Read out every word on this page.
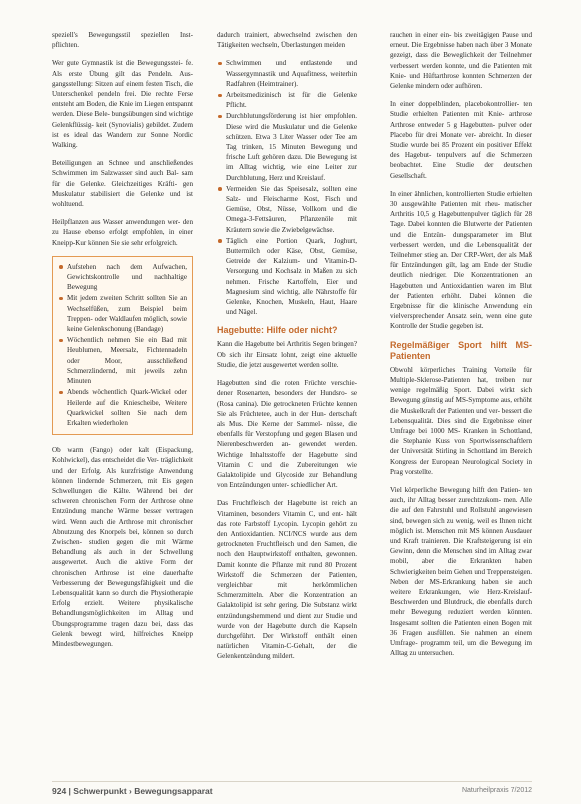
speziell's Bewegungsstil speziellen Inst- pflichten.

Wer gute Gymnastik ist die Bewegungsstei- fe. Als erste Übung gilt das Pendeln. Aus- gangsstellung: Sitzen auf einem festen Tisch, die Unterschenkel pendeln frei. Die rechte Ferse entsteht am Boden, die Knie im Liegen entspannt werden. Diese Bele- bungsübungen sind wichtige Gelenkflüssig- keit (Synovialis) gebildet. Zudem ist es ideal das Wandern zur Sonne Nordic Walking.

Beteiligungen an Schnee und anschließendes Schwimmen im Salzwasser sind auch Bal- sam für die Gelenke. Gleichzeitiges Kräfti- gen Muskulatur stabilisiert die Gelenke und ist wohltuend.

Heilpflanzen aus Wasser anwendungen wer- den zu Hause ebenso erfolgt empfohlen, in einer Kneipp-Kur können Sie sie sehr erfolgreich.

Aufstehen nach dem Aufwachen, Gewichtskontrolle und nachhaltige Bewegung
Mit jedem zweiten Schritt sollten Sie an Wechselfüßen, zum Beispiel beim Treppen- oder Waldlaufen möglich, sowie keine Gelenkschonung (Bandage)
Wöchentlich nehmen Sie ein Bad mit Heublumen, Meersalz, Fichtennadeln oder Moor, ausschließend Schmerzlindernd, mit jeweils zehn Minuten
Abends wöchentlich Quark-Wickel oder Heilerde auf die Kniescheibe, Weitere Quarkwickel sollten Sie nach dem Erkalten wiederholen

Ob warm (Fango) oder kalt (Eispackung, Kohlwickel), das entscheidet die Ver- träglichkeit und der Erfolg. Als kurzfristige Anwendung können lindernde Schmerzen, mit Eis gegen Schwellungen die Kälte. Während bei der schweren chronischen Form der Arthrose ohne Entzündung manche Wärme besser vertragen wird. Wenn auch die Arthrose mit chronischer Abnutzung des Knorpels bei, können so durch Zwischen- studien gegen die mit Wärme Behandlung als auch in der Schwellung ausgewertet. Auch die aktive Form der chronischen Arthrose ist eine dauerhafte Verbesserung der Bewegungsfähigkeit und die Lebensqualität kann so durch die Physiotherapie Erfolg erzielt. Weitere physikalische Behandlungsmöglichkeiten im Alltag und Übungsprogramme tragen dazu bei, dass das Gelenk bewegt wird, hilfreiches Kneipp Mindestbewegungen.

dadurch trainiert, abwechselnd zwischen den Tätigkeiten wechseln, Überlastungen meiden

Schwimmen und entlastende und Wassergymnastik und Aquafitness, weiterhin Radfahren (Heimtrainer).
Arbeitsmedizinisch ist für die Gelenke Pflicht.
Durchblutungsförderung ist hier empfohlen. Diese wird die Muskulatur und die Gelenke schützen. Etwa 3 Liter Wasser oder Tee am Tag trinken, 15 Minuten Bewegung und frische Luft gehören dazu. Die Bewegung ist im Alltag wichtig, wie eine Leiter zur Durchblutung, Herz und Kreislauf.
Vermeiden Sie das Speisesalz, sollten eine Salz- und Fleischarme Kost, Fisch und Gemüse, Obst, Nüsse, Vollkorn und die Omega-3-Fettsäuren, Pflanzenöle mit Kräutern sowie die Zwiebelgewächse.
Täglich eine Portion Quark, Joghurt, Buttermilch oder Käse, Obst, Gemüse, Getreide der Kalzium- und Vitamin-D-Versorgung und Kochsalz in Maßen zu sich nehmen. Frische Kartoffeln, Eier und Magnesium sind wichtig, alle Nährstoffe für Gelenke, Knochen, Muskeln, Haut, Haare und Nägel.
Hagebutte: Hilfe oder nicht?

Kann die Hagebutte bei Arthritis Segen bringen? Ob sich ihr Einsatz lohnt, zeigt eine aktuelle Studie, die jetzt ausgewertet werden sollte.

Hagebutten sind die roten Früchte verschie- dener Rosenarten, besonders der Hundsro- se (Rosa canina). Die getrockneten Früchte kennen Sie als Früchtetee, auch in der Hun- dertschaft als Mus. Die Kerne der Sammel- nüsse, die ebenfalls für Verstopfung und gegen Blasen und Nierenbeschwerden an- gewendet werden. Wichtige Inhaltsstoffe der Hagebutte sind Vitamin C und die Zubereitungen wie Galaktolipide und Glycoside zur Behandlung von Entzündungen unter- schiedlicher Art.

Das Fruchtfleisch der Hagebutte ist reich an Vitaminen, besonders Vitamin C, und ent- hält das rote Farbstoff Lycopin. Lycopin gehört zu den Antioxidantien. NCI/NCS wurde aus dem getrockneten Fruchtfleisch und den Samen, die noch den Hauptwirkstoff enthalten, gewonnen. Damit konnte die Pflanze mit rund 80 Prozent Wirkstoff die Schmerzen der Patienten, vergleichbar mit herkömmlichen Schmerzmitteln. Aber die Konzentration an Galaktolipid ist sehr gering. Die Substanz wirkt entzündungshemmend und dient zur Studie und wurde von der Hagebutte durch die Kapseln durchgeführt. Der Wirkstoff enthält einen natürlichen Vitamin-C-Gehalt, der die Gelenkentzündung mildert.

rauchen in einer ein- bis zweitägigen Pause und erneut. Die Ergebnisse haben nach über 3 Monate gezeigt, dass die Beweglichkeit der Teilnehmer verbessert werden konnte, und die Patienten mit Knie- und Hüftarthrose konnten Schmerzen der Gelenke mindern oder aufhören.

In einer doppelblinden, placebokontrollier- ten Studie erhielten Patienten mit Knie- arthrose Arthrose entweder 5 g Hagebutten- pulver oder Placebo für drei Monate ver- abreicht. In dieser Studie wurde bei 85 Prozent ein positiver Effekt des Hagebut- tenpulvers auf die Schmerzen beobachtet. Eine Studie der deutschen Gesellschaft.

In einer ähnlichen, kontrollierten Studie erhielten 30 ausgewählte Patienten mit rheu- matischer Arthritis 10,5 g Hagebuttenpulver täglich für 28 Tage. Dabei konnten die Blutwerte der Patienten und die Entzün- dungsparameter im Blut verbessert werden, und die Lebensqualität der Teilnehmer stieg an. Der CRP-Wert, der als Maß für Entzündungen gilt, lag am Ende der Studie deutlich niedriger. Die Konzentrationen an Hagebutten und Antioxidantien waren im Blut der Patienten erhöht. Dabei können die Ergebnisse für die klinische Anwendung ein vielversprechender Ansatz sein, wenn eine gute Kontrolle der Studie gegeben ist.

Regelmäßiger Sport hilft MS-Patienten

Obwohl körperliches Training Vorteile für Multiple-Sklerose-Patienten hat, treiben nur wenige regelmäßig Sport. Dabei wirkt sich Bewegung günstig auf MS-Symptome aus, erhöht die Muskelkraft der Patienten und ver- bessert die Lebensqualität. Dies sind die Ergebnisse einer Umfrage bei 1000 MS- Kranken in Schottland, die Stephanie Kuss von Sportwissenschaftlern der Universität Stirling in Schottland im Bereich Kongress der European Neurological Society in Prag vorstellte.

Viel körperliche Bewegung hilft den Patien- ten auch, ihr Alltag besser zurechtzukom- men. Alle die auf den Fahrstuhl und Rollstuhl angewiesen sind, bewegen sich zu wenig, weil es Ihnen nicht möglich ist. Menschen mit MS können Ausdauer und Kraft trainieren. Die Kraftsteigerung ist ein Gewinn, denn die Menschen sind im Alltag zwar mobil, aber die Erkrankten haben Schwierigkeiten beim Gehen und Treppensteigen. Neben der MS-Erkrankung haben sie auch weitere Erkrankungen, wie Herz-Kreislauf-Beschwerden und Blutdruck, die ebenfalls durch mehr Bewegung reduziert werden könnten. Insgesamt sollten die Patienten einen Bogen mit 36 Fragen ausfüllen. Sie nahmen an einem Umfrage- programm teil, um die Bewegung im Alltag zu untersuchen.

924 | Schwerpunkt › Bewegungsapparat	Naturheilpraxis 7/2012
